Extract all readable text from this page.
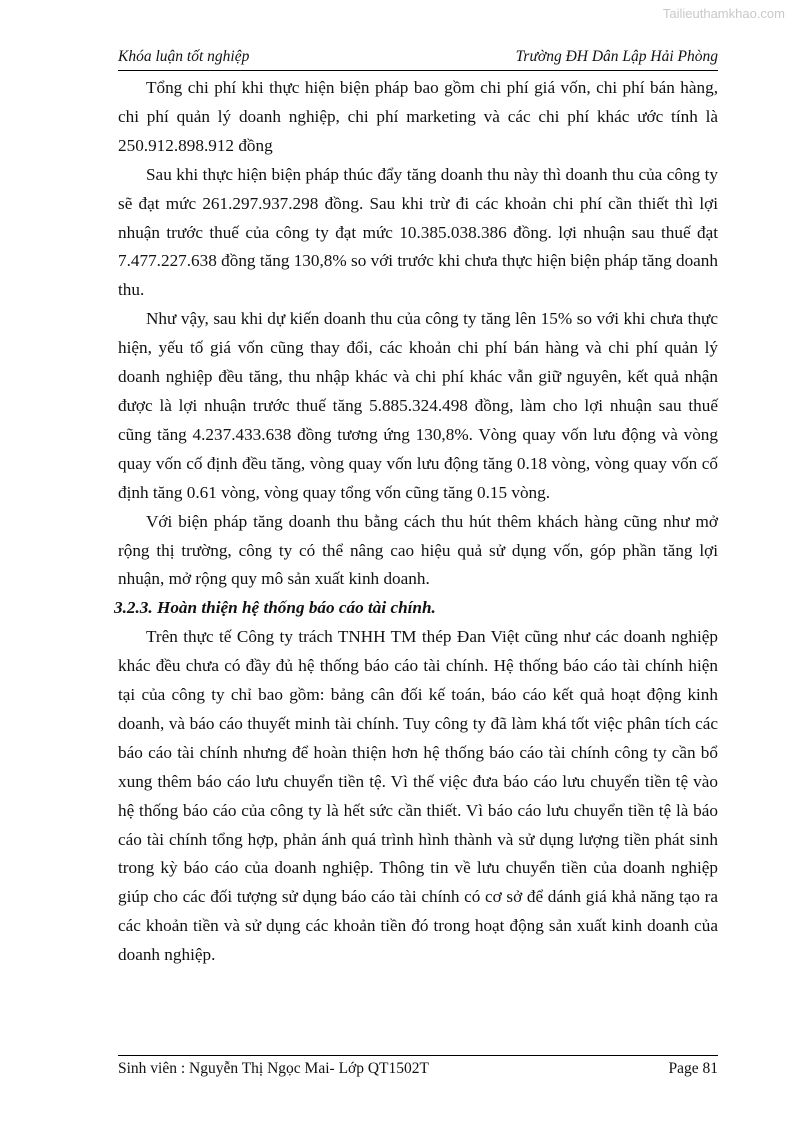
Tailieuthamkhao.com
Khóa luận tốt nghiệp	Trường ĐH Dân Lập Hải Phòng

Tổng chi phí khi thực hiện biện pháp bao gồm chi phí giá vốn, chi phí bán hàng, chi phí quản lý doanh nghiệp, chi phí marketing và các chi phí khác ước tính là 250.912.898.912 đồng

Sau khi thực hiện biện pháp thúc đẩy tăng doanh thu này thì doanh thu của công ty sẽ đạt mức 261.297.937.298 đồng. Sau khi trừ đi các khoản chi phí cần thiết thì lợi nhuận trước thuế của công ty đạt mức 10.385.038.386 đồng. lợi nhuận sau thuế đạt 7.477.227.638 đồng tăng 130,8% so với trước khi chưa thực hiện biện pháp tăng doanh thu.

Như vậy, sau khi dự kiến doanh thu của công ty tăng lên 15% so với khi chưa thực hiện, yếu tố giá vốn cũng thay đổi, các khoản chi phí bán hàng và chi phí quản lý doanh nghiệp đều tăng, thu nhập khác và chi phí khác vẫn giữ nguyên, kết quả nhận được là lợi nhuận trước thuế tăng 5.885.324.498 đồng, làm cho lợi nhuận sau thuế cũng tăng 4.237.433.638 đồng tương ứng 130,8%. Vòng quay vốn lưu động và vòng quay vốn cố định đều tăng, vòng quay vốn lưu động tăng 0.18 vòng, vòng quay vốn cố định tăng 0.61 vòng, vòng quay tổng vốn cũng tăng 0.15 vòng.

Với biện pháp tăng doanh thu bằng cách thu hút thêm khách hàng cũng như mở rộng thị trường, công ty có thể nâng cao hiệu quả sử dụng vốn, góp phần tăng lợi nhuận, mở rộng quy mô sản xuất kinh doanh.

3.2.3. Hoàn thiện hệ thống báo cáo tài chính.

Trên thực tế Công ty trách TNHH TM thép Đan Việt cũng như các doanh nghiệp khác đều chưa có đầy đủ hệ thống báo cáo tài chính. Hệ thống báo cáo tài chính hiện tại của công ty chỉ bao gồm: bảng cân đối kế toán, báo cáo kết quả hoạt động kinh doanh, và báo cáo thuyết minh tài chính. Tuy công ty đã làm khá tốt việc phân tích các báo cáo tài chính nhưng để hoàn thiện hơn hệ thống báo cáo tài chính công ty cần bổ xung thêm báo cáo lưu chuyển tiền tệ. Vì thế việc đưa báo cáo lưu chuyển tiền tệ vào hệ thống báo cáo của công ty là hết sức cần thiết. Vì báo cáo lưu chuyển tiền tệ là báo cáo tài chính tổng hợp, phản ánh quá trình hình thành và sử dụng lượng tiền phát sinh trong kỳ báo cáo của doanh nghiệp. Thông tin về lưu chuyển tiền của doanh nghiệp giúp cho các đối tượng sử dụng báo cáo tài chính có cơ sở để dánh giá khả năng tạo ra các khoản tiền và sử dụng các khoản tiền đó trong hoạt động sản xuất kinh doanh của doanh nghiệp.

Sinh viên : Nguyễn Thị Ngọc Mai- Lớp QT1502T	Page 81
